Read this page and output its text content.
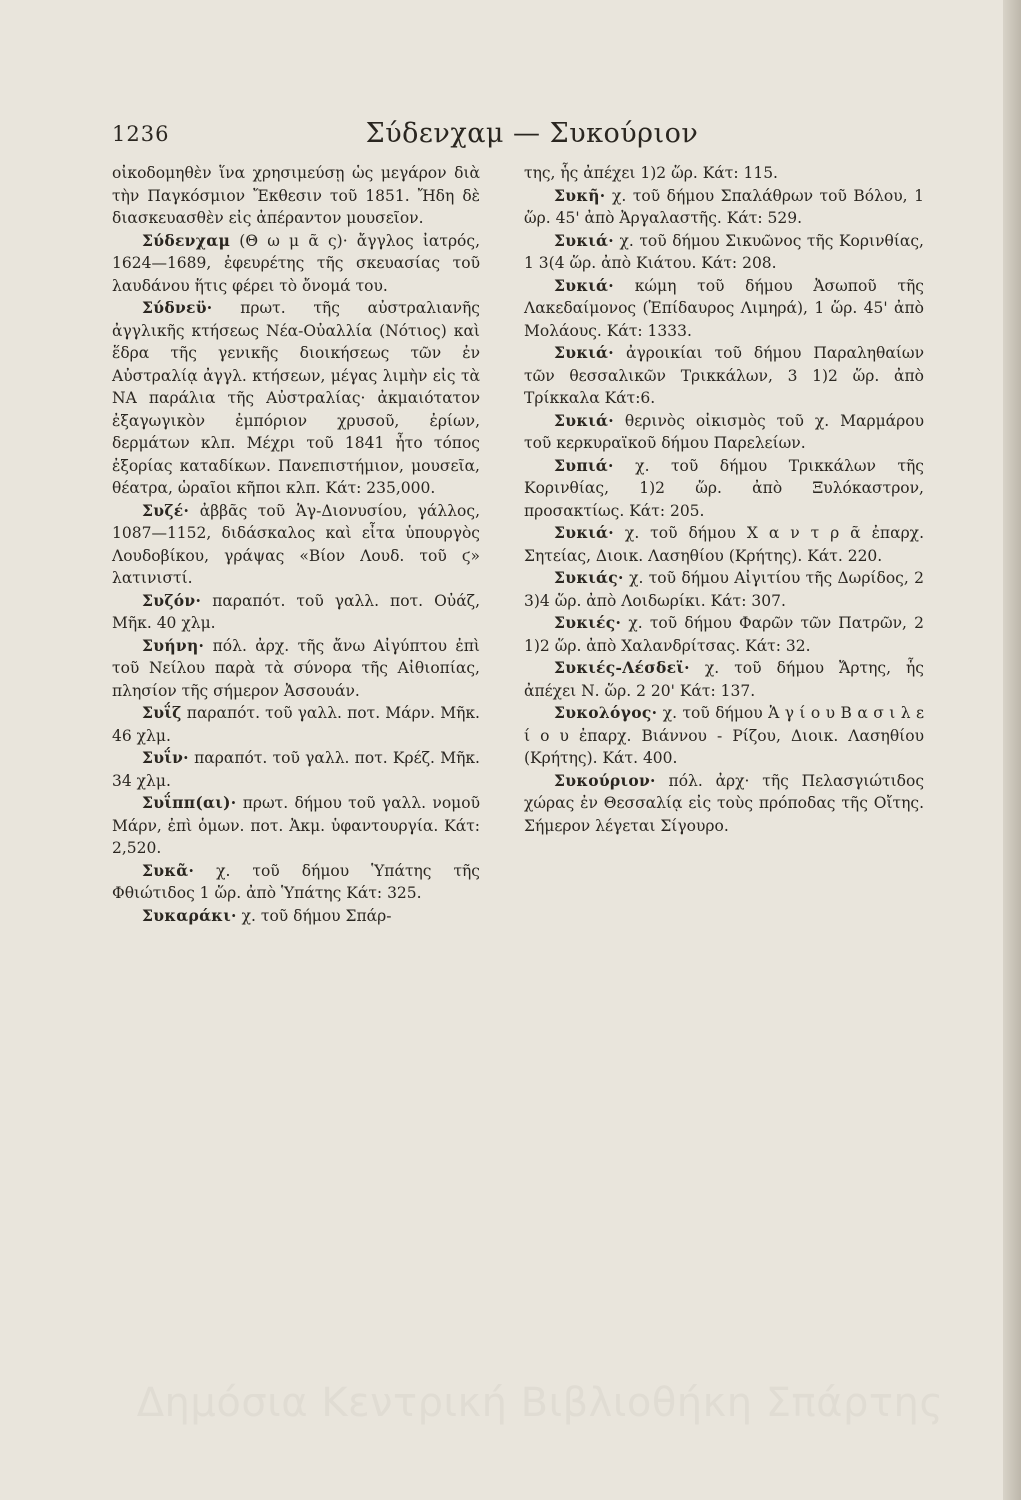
1236	Σύδενχαμ — Συκούριον

οἰκοδομηθὲν ἵνα χρησιμεύσῃ ὡς μεγάρον διὰ τὴν Παγκόσμιον Ἔκθεσιν τοῦ 1851. Ἤδη δὲ διασκευασθὲν εἰς ἀπέραντον μουσεῖον.

Σύδενχαμ (Θ ω μ ᾶ ς)· ἄγγλος ἰατρός, 1624—1689, ἐφευρέτης τῆς σκευασίας τοῦ λαυδάνου ἥτις φέρει τὸ ὄνομά του.

Σύδνεϋ· πρωτ. τῆς αὐστραλιανῆς ἀγγλικῆς κτήσεως Νέα-Οὐαλλία (Νότιος) καὶ ἕδρα τῆς γενικῆς διοικήσεως τῶν ἐν Αὐστραλίᾳ ἀγγλ. κτήσεων, μέγας λιμὴν εἰς τὰ ΝΑ παράλια τῆς Αὐστραλίας· ἀκμαιότατον ἐξαγωγικὸν ἐμπόριον χρυσοῦ, ἐρίων, δερμάτων κλπ. Μέχρι τοῦ 1841 ἦτο τόπος ἐξορίας καταδίκων. Πανεπιστήμιον, μουσεῖα, θέατρα, ὡραῖοι κῆποι κλπ. Κάτ: 235,000.

Συζέ· ἀββᾶς τοῦ Ἁγ-Διονυσίου, γάλλος, 1087—1152, διδάσκαλος καὶ εἶτα ὑπουργὸς Λουδοβίκου, γράψας «Βίον Λουδ. τοῦ ϛ» λατινιστί.

Συζόν· παραπότ. τοῦ γαλλ. ποτ. Οὐάζ, Μῆκ. 40 χλμ.

Συήνη· πόλ. ἀρχ. τῆς ἄνω Αἰγύπτου ἐπὶ τοῦ Νείλου παρὰ τὰ σύνορα τῆς Αἰθιοπίας, πλησίον τῆς σήμερον Ἀσσουάν.

Συΐζ παραπότ. τοῦ γαλλ. ποτ. Μάρν. Μῆκ. 46 χλμ.

Συΐν· παραπότ. τοῦ γαλλ. ποτ. Κρέζ. Μῆκ. 34 χλμ.

Συΐππ(αι)· πρωτ. δήμου τοῦ γαλλ. νομοῦ Μάρν, ἐπὶ ὁμων. ποτ. Ἀκμ. ὑφαντουργία. Κάτ: 2,520.

Συκᾶ· χ. τοῦ δήμου Ὑπάτης τῆς Φθιώτιδος 1 ὥρ. ἀπὸ Ὑπάτης Κάτ: 325.

Συκαράκι· χ. τοῦ δήμου Σπάρ-

της, ἧς ἀπέχει 1)2 ὥρ. Κάτ: 115.

Συκῆ· χ. τοῦ δήμου Σπαλάθρων τοῦ Βόλου, 1 ὥρ. 45' ἀπὸ Ἀργαλαστῆς. Κάτ: 529.

Συκιά· χ. τοῦ δήμου Σικυῶνος τῆς Κορινθίας, 1 3(4 ὥρ. ἀπὸ Κιάτου. Κάτ: 208.

Συκιά· κώμη τοῦ δήμου Ἀσωποῦ τῆς Λακεδαίμονος (Ἐπίδαυρος Λιμηρά), 1 ὥρ. 45' ἀπὸ Μολάους. Κάτ: 1333.

Συκιά· ἀγροικίαι τοῦ δήμου Παραληθαίων τῶν θεσσαλικῶν Τρικκάλων, 3 1)2 ὥρ. ἀπὸ Τρίκκαλα Κάτ:6.

Συκιά· θερινὸς οἰκισμὸς τοῦ χ. Μαρμάρου τοῦ κερκυραϊκοῦ δήμου Παρελείων.

Συπιά· χ. τοῦ δήμου Τρικκάλων τῆς Κορινθίας, 1)2 ὥρ. ἀπὸ Ξυλόκαστρον, προσακτίως. Κάτ: 205.

Συκιά· χ. τοῦ δήμου Χ α ν τ ρ ᾶ ἐπαρχ. Σητείας, Διοικ. Λασηθίου (Κρήτης). Κάτ. 220.

Συκιάς· χ. τοῦ δήμου Αἰγιτίου τῆς Δωρίδος, 2 3)4 ὥρ. ἀπὸ Λοιδωρίκι. Κάτ: 307.

Συκιές· χ. τοῦ δήμου Φαρῶν τῶν Πατρῶν, 2 1)2 ὥρ. ἀπὸ Χαλανδρίτσας. Κάτ: 32.

Συκιές-Λέσδεϊ· χ. τοῦ δήμου Ἄρτης, ἧς ἀπέχει Ν. ὥρ. 2 20' Κάτ: 137.

Συκολόγος· χ. τοῦ δήμου Ἁ γ ί ο υ Β α σ ι λ ε ί ο υ ἐπαρχ. Βιάννου - Ρίζου, Διοικ. Λασηθίου (Κρήτης). Κάτ. 400.

Συκούριον· πόλ. ἀρχ· τῆς Πελασγιώτιδος χώρας ἐν Θεσσαλίᾳ εἰς τοὺς πρόποδας τῆς Οἴτης. Σήμερον λέγεται Σίγουρο.

Δημόσια Κεντρική Βιβλιοθήκη Σπάρτης
